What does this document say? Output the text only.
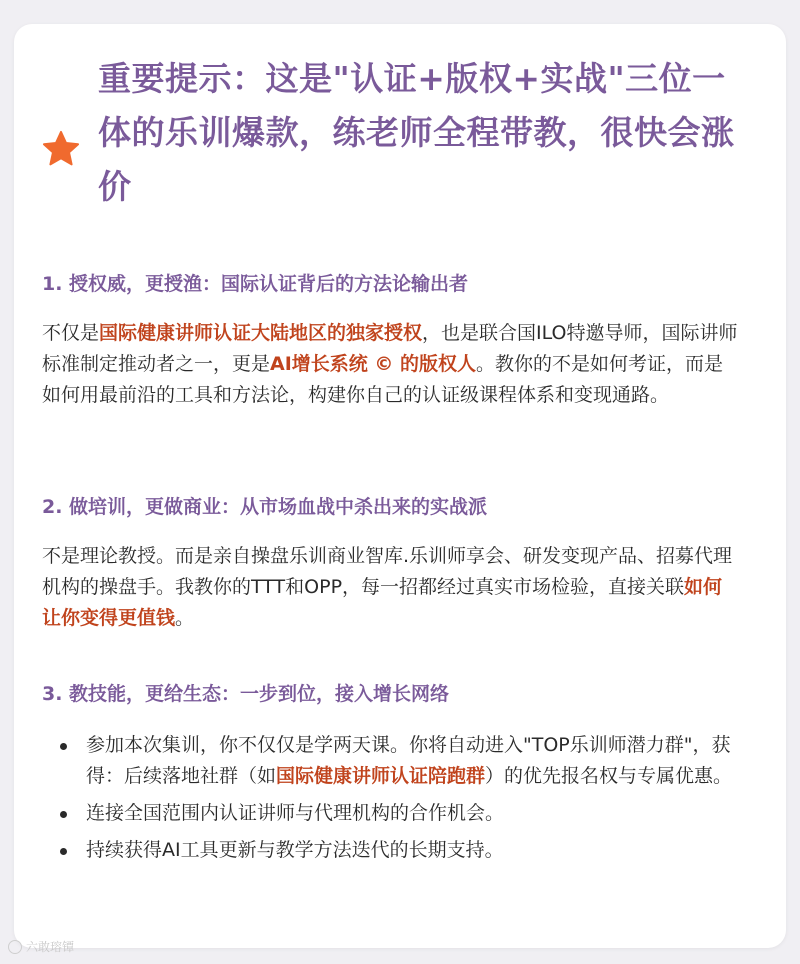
重要提示：这是"认证+版权+实战"三位一体的乐训爆款，练老师全程带教，很快会涨价
1. 授权威，更授渔：国际认证背后的方法论输出者
不仅是国际健康讲师认证大陆地区的独家授权，也是联合国ILO特邀导师，国际讲师标准制定推动者之一，更是AI增长系统 © 的版权人。教你的不是如何考证，而是如何用最前沿的工具和方法论，构建你自己的认证级课程体系和变现通路。
2. 做培训，更做商业：从市场血战中杀出来的实战派
不是理论教授。而是亲自操盘乐训商业智库.乐训师享会、研发变现产品、招募代理机构的操盘手。我教你的TTT和OPP，每一招都经过真实市场检验，直接关联如何让你变得更值钱。
3. 教技能，更给生态：一步到位，接入增长网络
参加本次集训，你不仅仅是学两天课。你将自动进入"TOP乐训师潜力群"，获得：后续落地社群（如国际健康讲师认证陪跑群）的优先报名权与专属优惠。
连接全国范围内认证讲师与代理机构的合作机会。
持续获得AI工具更新与教学方法迭代的长期支持。
六敢瑢镡
